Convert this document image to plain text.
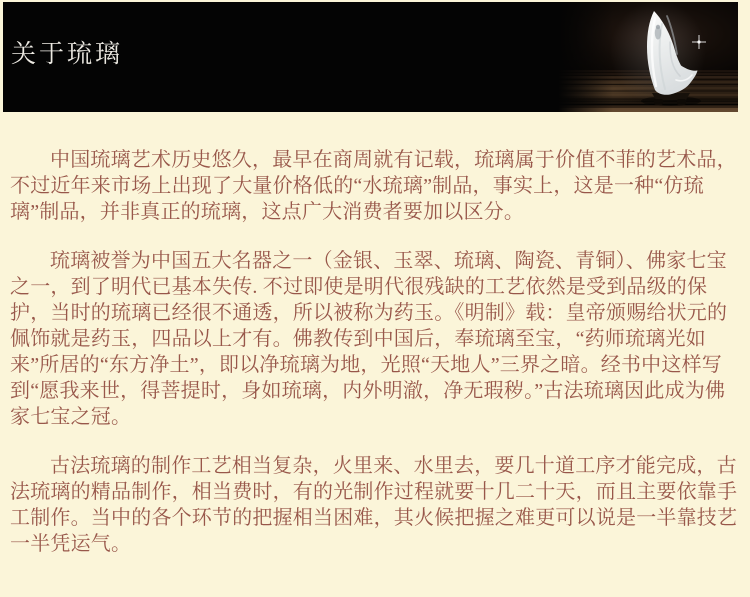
关于琉璃

中国琉璃艺术历史悠久，最早在商周就有记载，琉璃属于价值不菲的艺术品，不过近年来市场上出现了大量价格低的“水琉璃”制品，事实上，这是一种“仿琉璃”制品，并非真正的琉璃，这点广大消费者要加以区分。

琉璃被誉为中国五大名器之一（金银、玉翠、琉璃、陶瓷、青铜）、佛家七宝之一，到了明代已基本失传. 不过即使是明代很残缺的工艺依然是受到品级的保护，当时的琉璃已经很不通透，所以被称为药玉。《明制》载：皇帝颁赐给状元的佩饰就是药玉，四品以上才有。佛教传到中国后，奉琉璃至宝，“药师琉璃光如来”所居的“东方净土”，即以净琉璃为地，光照“天地人”三界之暗。经书中这样写到“愿我来世，得菩提时，身如琉璃，内外明澈，净无瑕秽。”古法琉璃因此成为佛家七宝之冠。

古法琉璃的制作工艺相当复杂，火里来、水里去，要几十道工序才能完成，古法琉璃的精品制作，相当费时，有的光制作过程就要十几二十天，而且主要依靠手工制作。当中的各个环节的把握相当困难，其火候把握之难更可以说是一半靠技艺一半凭运气。
